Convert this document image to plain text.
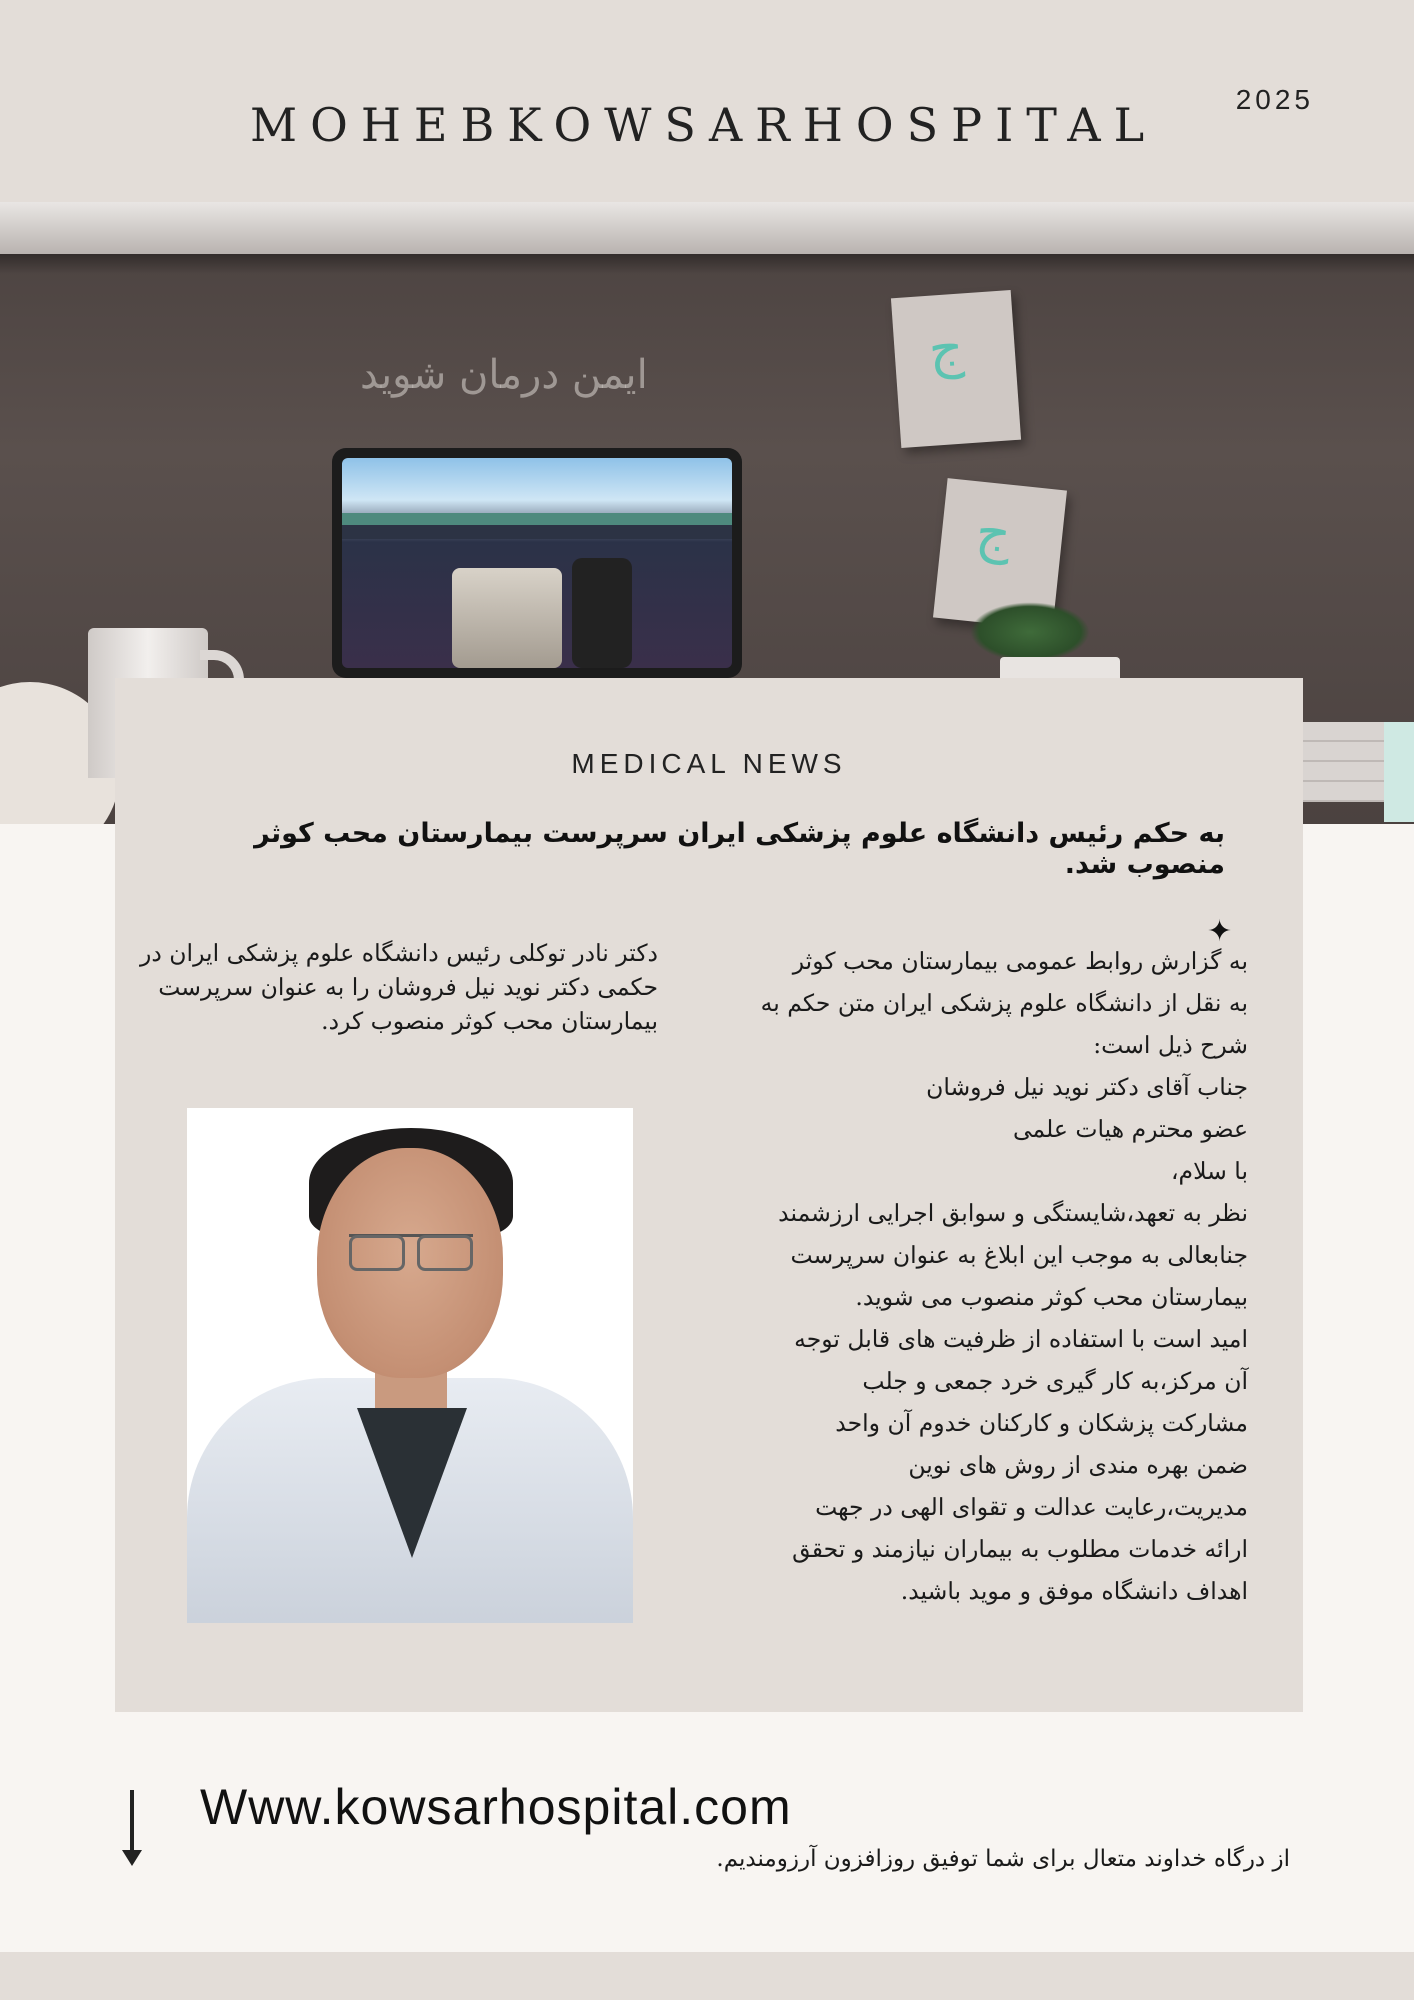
MOHEBKOWSARHOSPITAL	2025
ایمن درمان شوید	ج
ج
MEDICAL NEWS
به حکم رئیس دانشگاه علوم پزشکی ایران سرپرست بیمارستان محب کوثر منصوب شد.
✦
دکتر نادر توکلی رئیس دانشگاه علوم پزشکی ایران در حکمی دکتر نوید نیل فروشان را به عنوان سرپرست بیمارستان محب کوثر منصوب کرد.

به گزارش روابط عمومی بیمارستان محب کوثر

به نقل از دانشگاه علوم پزشکی ایران متن حکم به

شرح ذیل است:

جناب آقای دکتر نوید نیل فروشان

عضو محترم هیات علمی

با سلام،

نظر به تعهد،شایستگی و سوابق اجرایی ارزشمند

جنابعالی به موجب این ابلاغ به عنوان سرپرست

بیمارستان محب کوثر منصوب می شوید.

امید است با استفاده از ظرفیت های قابل توجه

آن مرکز،به کار گیری خرد جمعی و جلب

مشارکت پزشکان و کارکنان خدوم آن واحد

ضمن بهره مندی از روش های نوین

مدیریت،رعایت عدالت و تقوای الهی در جهت

ارائه خدمات مطلوب به بیماران نیازمند و تحقق

اهداف دانشگاه موفق و موید باشید.

Www.kowsarhospital.com
از درگاه خداوند متعال برای شما توفیق روزافزون آرزومندیم.
